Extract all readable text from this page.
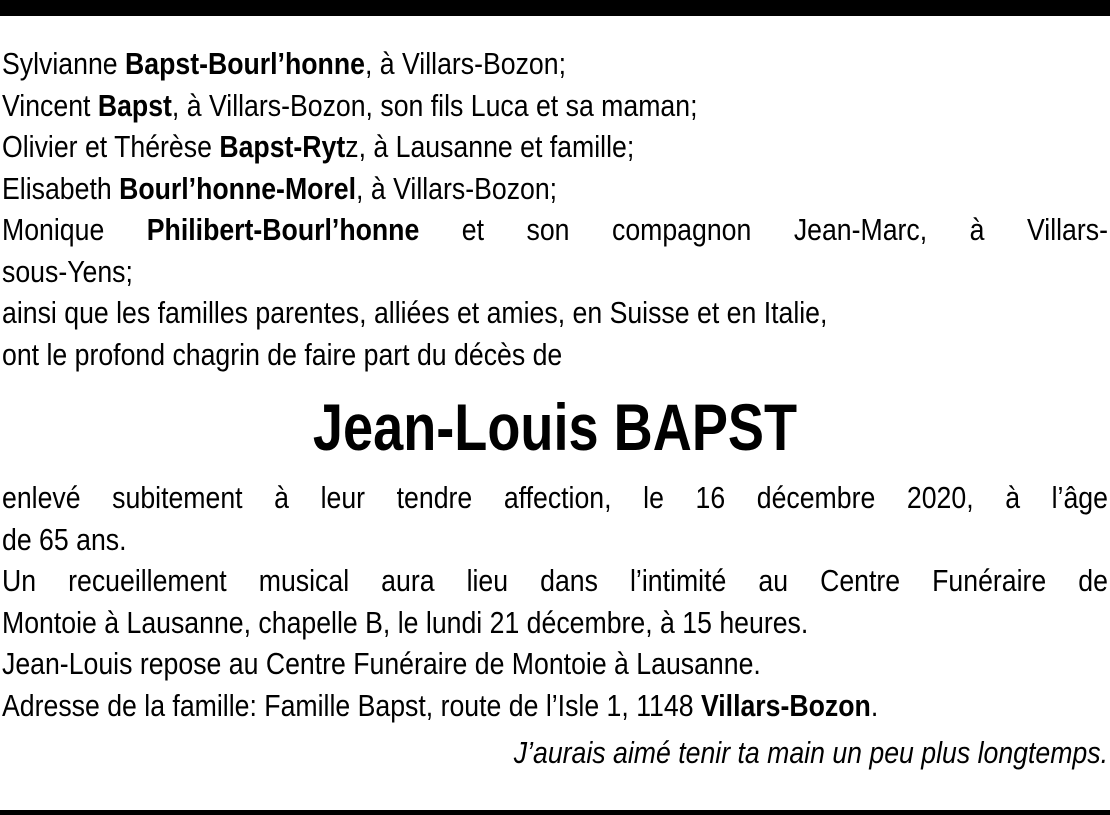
Sylvianne Bapst-Bourl’honne, à Villars-Bozon;
Vincent Bapst, à Villars-Bozon, son fils Luca et sa maman;
Olivier et Thérèse Bapst-Rytz, à Lausanne et famille;
Elisabeth Bourl’honne-Morel, à Villars-Bozon;
Monique Philibert-Bourl’honne et son compagnon Jean-Marc, à Villars-
sous-Yens;
ainsi que les familles parentes, alliées et amies, en Suisse et en Italie,
ont le profond chagrin de faire part du décès de
Jean-Louis BAPST
enlevé subitement à leur tendre affection, le 16 décembre 2020, à l’âge
de 65 ans.
Un recueillement musical aura lieu dans l’intimité au Centre Funéraire de
Montoie à Lausanne, chapelle B, le lundi 21 décembre, à 15 heures.
Jean-Louis repose au Centre Funéraire de Montoie à Lausanne.
Adresse de la famille: Famille Bapst, route de l’Isle 1, 1148 Villars-Bozon.
J’aurais aimé tenir ta main un peu plus longtemps.
